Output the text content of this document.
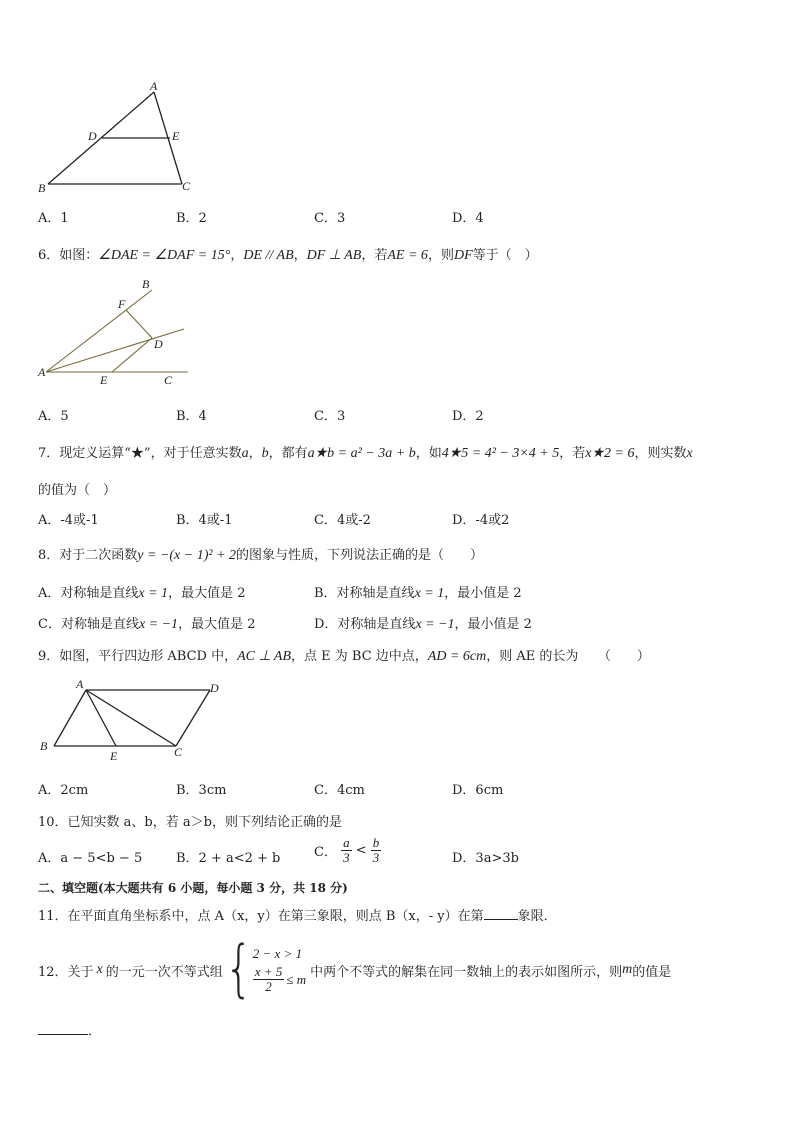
A
D	E
B	C
A．1	B．2	C．3	D．4
6．如图：∠DAE = ∠DAF = 15°，DE // AB，DF ⊥ AB，若AE = 6，则DF等于（　）
B
F
D
A
E	C
A．5	B．4	C．3	D．2
7．现定义运算“★”，对于任意实数a，b，都有a★b = a² − 3a + b，如4★5 = 4² − 3×4 + 5，若x★2 = 6，则实数x
的值为（　）
A．-4或-1	B．4或-1	C．4或-2	D．-4或2
8．对于二次函数y = −(x − 1)² + 2的图象与性质，下列说法正确的是（　　）
A．对称轴是直线x = 1，最大值是 2	B．对称轴是直线x = 1，最小值是 2
C．对称轴是直线x = −1，最大值是 2	D．对称轴是直线x = −1，最小值是 2
9．如图，平行四边形 ABCD 中，AC ⊥ AB，点 E 为 BC 边中点，AD = 6cm，则 AE 的长为　　（　　）
A	D
B
E	C
A．2cm	B．3cm	C．4cm	D．6cm
10．已知实数 a、b，若 a＞b，则下列结论正确的是
A．a − 5<b − 5	B．2 + a<2 + b	C． $\frac{a}{3} < \frac{b}{3}$	D．3a>3b
二、填空题(本大题共有 6 小题，每小题 3 分，共 18 分)
11．在平面直角坐标系中，点 A（x，y）在第三象限，则点 B（x，- y）在第	象限．
12．关于 x 的一元一次不等式组 { 2 − x > 1
$\frac{x + 5}{2} \le m$ 中两个不等式的解集在同一数轴上的表示如图所示，则 m 的值是
．
